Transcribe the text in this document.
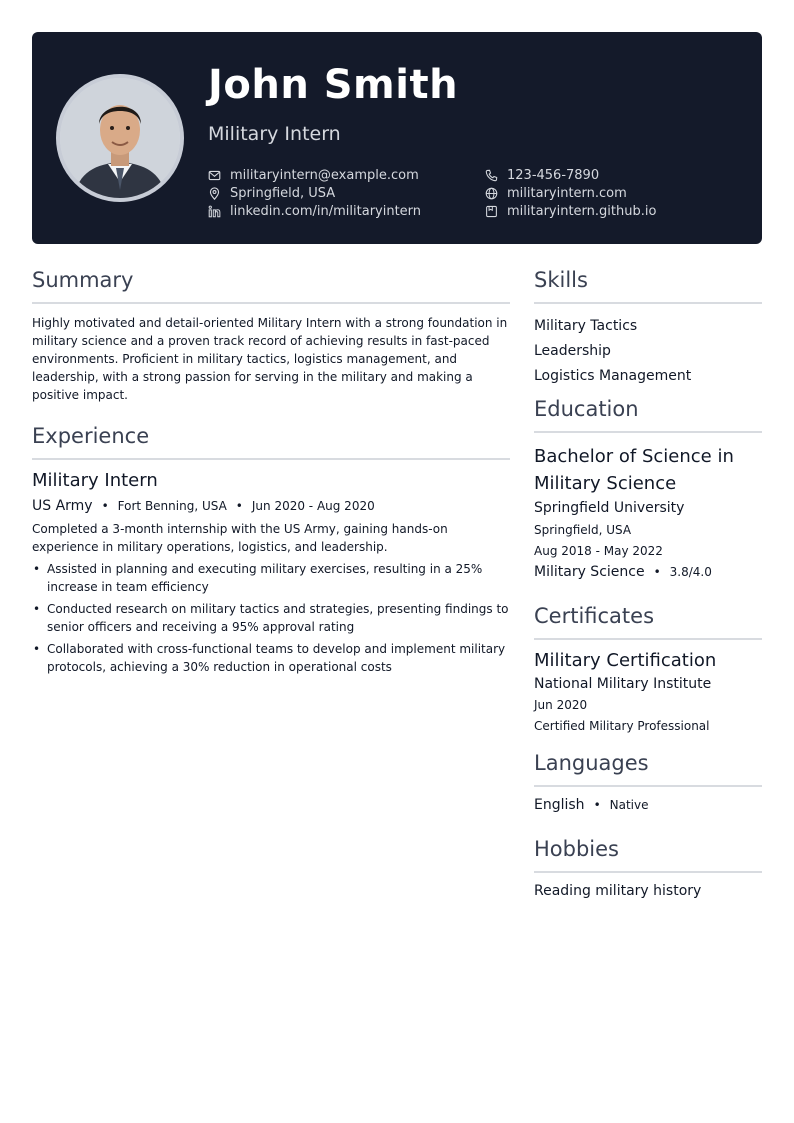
John Smith
Military Intern
militaryintern@example.com
Springfield, USA
linkedin.com/in/militaryintern
123-456-7890
militaryintern.com
militaryintern.github.io
Summary

Highly motivated and detail-oriented Military Intern with a strong foundation in military science and a proven track record of achieving results in fast-paced environments. Proficient in military tactics, logistics management, and leadership, with a strong passion for serving in the military and making a positive impact.

Experience
Military Intern
US Army • Fort Benning, USA • Jun 2020 - Aug 2020

Completed a 3-month internship with the US Army, gaining hands-on experience in military operations, logistics, and leadership.

• Assisted in planning and executing military exercises, resulting in a 25% increase in team efficiency
• Conducted research on military tactics and strategies, presenting findings to senior officers and receiving a 95% approval rating
• Collaborated with cross-functional teams to develop and implement military protocols, achieving a 30% reduction in operational costs
Skills
Military Tactics
Leadership
Logistics Management
Education
Bachelor of Science in Military Science
Springfield University
Springfield, USA
Aug 2018 - May 2022
Military Science • 3.8/4.0
Certificates
Military Certification
National Military Institute
Jun 2020
Certified Military Professional
Languages
English • Native
Hobbies
Reading military history
